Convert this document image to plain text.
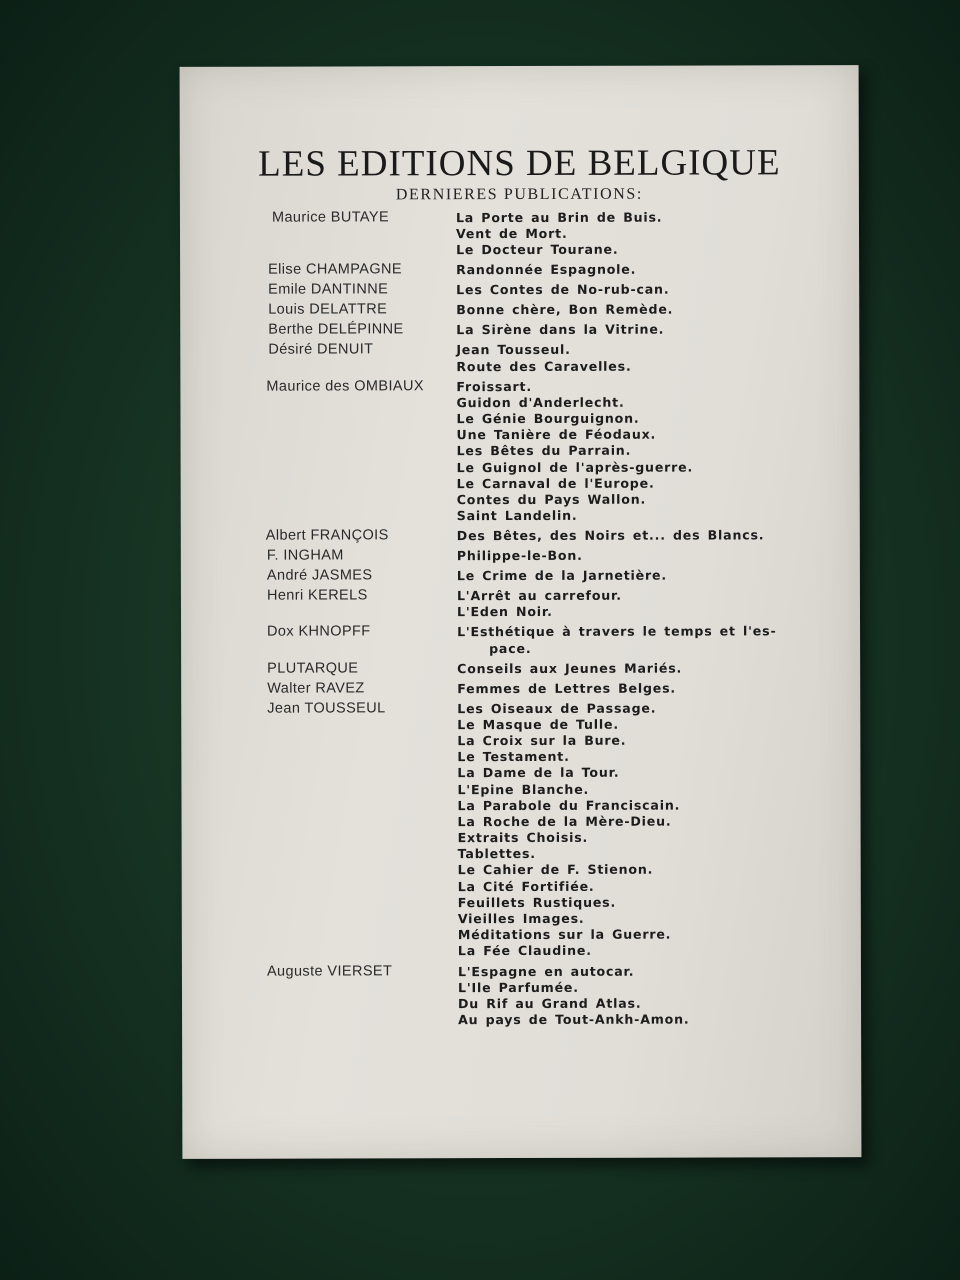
LES EDITIONS DE BELGIQUE
DERNIERES PUBLICATIONS:
Maurice BUTAYE	La Porte au Brin de Buis.
Vent de Mort.
Le Docteur Tourane.
Elise CHAMPAGNE	Randonnée Espagnole.
Emile DANTINNE	Les Contes de No-rub-can.
Louis DELATTRE	Bonne chère, Bon Remède.
Berthe DELÉPINNE	La Sirène dans la Vitrine.
Désiré DENUIT	Jean Tousseul.
Route des Caravelles.
Maurice des OMBIAUX	Froissart.
Guidon d'Anderlecht.
Le Génie Bourguignon.
Une Tanière de Féodaux.
Les Bêtes du Parrain.
Le Guignol de l'après-guerre.
Le Carnaval de l'Europe.
Contes du Pays Wallon.
Saint Landelin.
Albert FRANÇOIS	Des Bêtes, des Noirs et... des Blancs.
F. INGHAM	Philippe-le-Bon.
André JASMES	Le Crime de la Jarnetière.
Henri KERELS	L'Arrêt au carrefour.
L'Eden Noir.
Dox KHNOPFF	L'Esthétique à travers le temps et l'es-
pace.
PLUTARQUE	Conseils aux Jeunes Mariés.
Walter RAVEZ	Femmes de Lettres Belges.
Jean TOUSSEUL	Les Oiseaux de Passage.
Le Masque de Tulle.
La Croix sur la Bure.
Le Testament.
La Dame de la Tour.
L'Epine Blanche.
La Parabole du Franciscain.
La Roche de la Mère-Dieu.
Extraits Choisis.
Tablettes.
Le Cahier de F. Stienon.
La Cité Fortifiée.
Feuillets Rustiques.
Vieilles Images.
Méditations sur la Guerre.
La Fée Claudine.
Auguste VIERSET	L'Espagne en autocar.
L'Ile Parfumée.
Du Rif au Grand Atlas.
Au pays de Tout-Ankh-Amon.
